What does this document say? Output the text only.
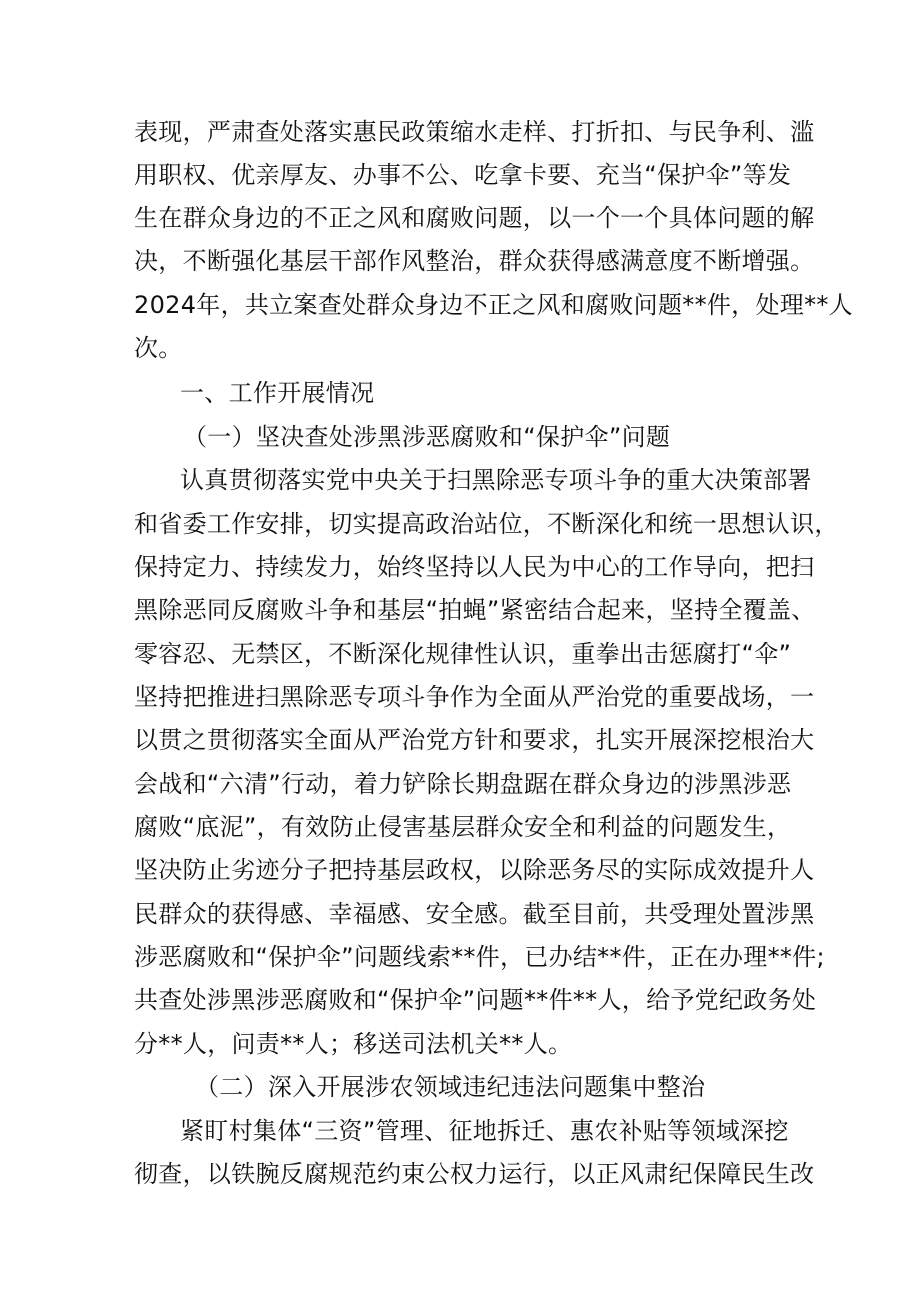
表现，严肃查处落实惠民政策缩水走样、打折扣、与民争利、滥
用职权、优亲厚友、办事不公、吃拿卡要、充当“保护伞”等发
生在群众身边的不正之风和腐败问题，以一个一个具体问题的解
决，不断强化基层干部作风整治，群众获得感满意度不断增强。
2024年，共立案查处群众身边不正之风和腐败问题**件，处理**人
次。
一、工作开展情况
（一）坚决查处涉黑涉恶腐败和“保护伞”问题
认真贯彻落实党中央关于扫黑除恶专项斗争的重大决策部署
和省委工作安排，切实提高政治站位，不断深化和统一思想认识，
保持定力、持续发力，始终坚持以人民为中心的工作导向，把扫
黑除恶同反腐败斗争和基层“拍蝇”紧密结合起来，坚持全覆盖、
零容忍、无禁区，不断深化规律性认识，重拳出击惩腐打“伞”
坚持把推进扫黑除恶专项斗争作为全面从严治党的重要战场，一
以贯之贯彻落实全面从严治党方针和要求，扎实开展深挖根治大
会战和“六清”行动，着力铲除长期盘踞在群众身边的涉黑涉恶
腐败“底泥”，有效防止侵害基层群众安全和利益的问题发生，
坚决防止劣迹分子把持基层政权，以除恶务尽的实际成效提升人
民群众的获得感、幸福感、安全感。截至目前，共受理处置涉黑
涉恶腐败和“保护伞”问题线索**件，已办结**件，正在办理**件;
共查处涉黑涉恶腐败和“保护伞”问题**件**人，给予党纪政务处
分**人，问责**人；移送司法机关**人。
（二）深入开展涉农领域违纪违法问题集中整治
紧盯村集体“三资”管理、征地拆迁、惠农补贴等领域深挖
彻查，以铁腕反腐规范约束公权力运行，以正风肃纪保障民生改
